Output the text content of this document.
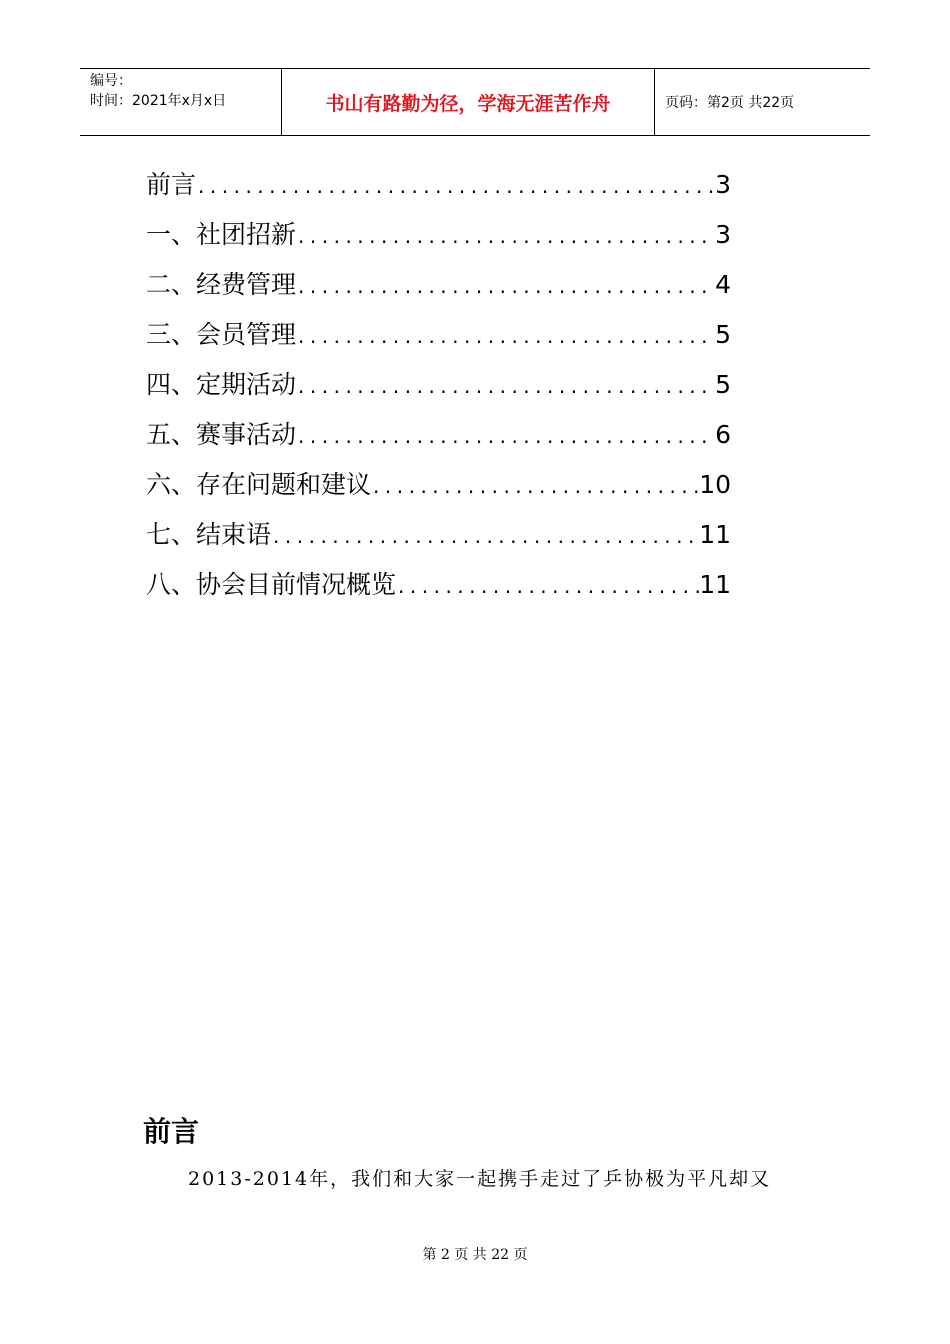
编号：
时间：2021年x月x日	书山有路勤为径，学海无涯苦作舟	页码：第2页 共22页
前言 .....	3
一、社团招新 .....	3
二、经费管理 .....	4
三、会员管理 .....	5
四、定期活动 .....	5
五、赛事活动 .....	6
六、存在问题和建议 .....	10
七、结束语 .....	11
八、协会目前情况概览 .....	11
前言
2013-2014年，我们和大家一起携手走过了乒协极为平凡却又
第 2 页 共 22 页
